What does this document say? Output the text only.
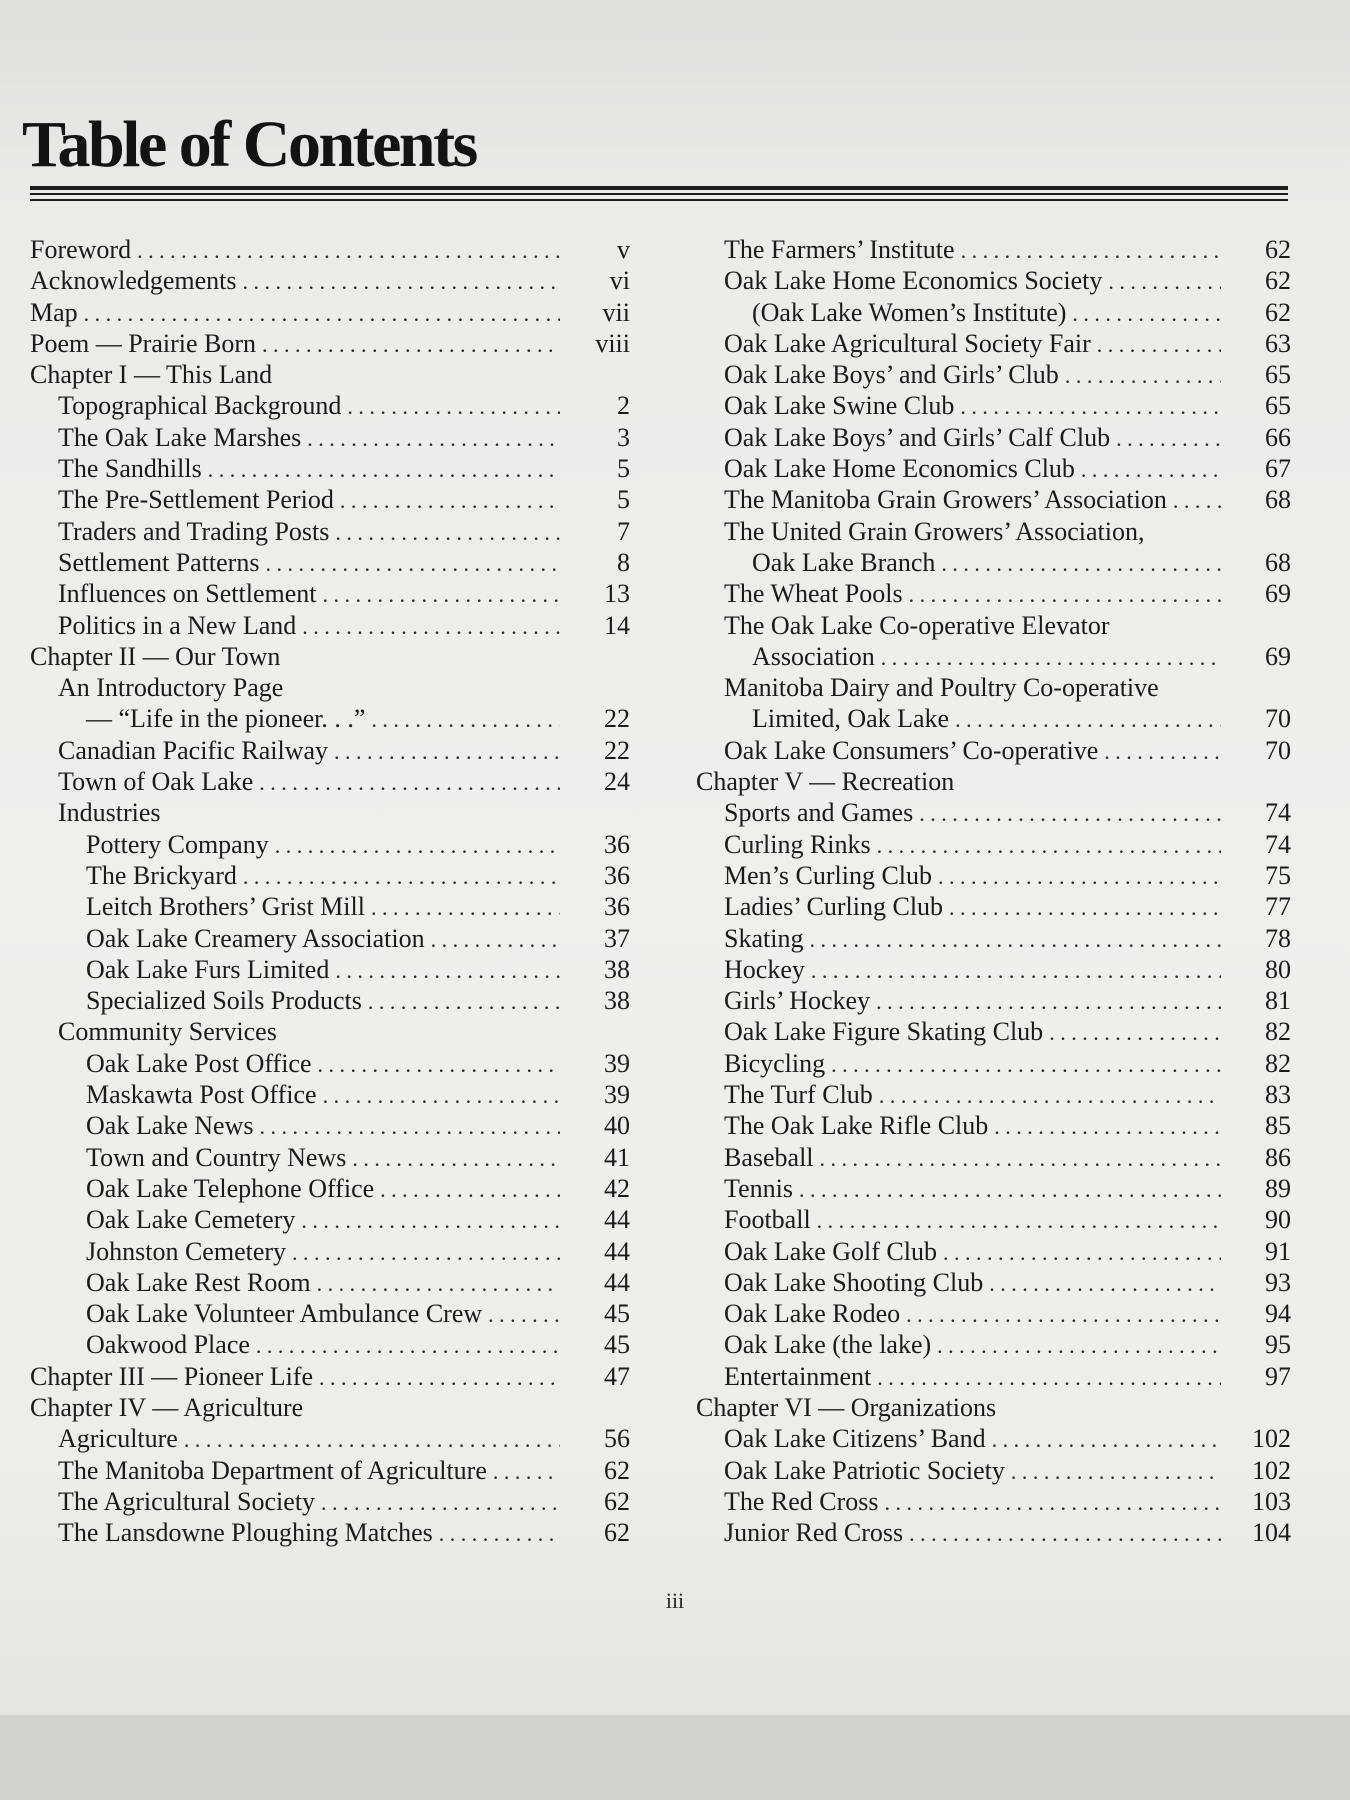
Table of Contents
Foreword . . .	v
Acknowledgements . . .	vi
Map . . .	vii
Poem — Prairie Born . . .	viii
Chapter I — This Land
Topographical Background . . .	2
The Oak Lake Marshes . . .	3
The Sandhills . . .	5
The Pre-Settlement Period . . .	5
Traders and Trading Posts . . .	7
Settlement Patterns . . .	8
Influences on Settlement . . .	13
Politics in a New Land . . .	14
Chapter II — Our Town
An Introductory Page
— “Life in the pioneer. . .” . . .	22
Canadian Pacific Railway . . .	22
Town of Oak Lake . . .	24
Industries
Pottery Company . . .	36
The Brickyard . . .	36
Leitch Brothers’ Grist Mill . . .	36
Oak Lake Creamery Association . . .	37
Oak Lake Furs Limited . . .	38
Specialized Soils Products . . .	38
Community Services
Oak Lake Post Office . . .	39
Maskawta Post Office . . .	39
Oak Lake News . . .	40
Town and Country News . . .	41
Oak Lake Telephone Office . . .	42
Oak Lake Cemetery . . .	44
Johnston Cemetery . . .	44
Oak Lake Rest Room . . .	44
Oak Lake Volunteer Ambulance Crew . . .	45
Oakwood Place . . .	45
Chapter III — Pioneer Life . . .	47
Chapter IV — Agriculture
Agriculture . . .	56
The Manitoba Department of Agriculture . . .	62
The Agricultural Society . . .	62
The Lansdowne Ploughing Matches . . .	62
The Farmers’ Institute . . .	62
Oak Lake Home Economics Society . . .	62
(Oak Lake Women’s Institute) . . .	62
Oak Lake Agricultural Society Fair . . .	63
Oak Lake Boys’ and Girls’ Club . . .	65
Oak Lake Swine Club . . .	65
Oak Lake Boys’ and Girls’ Calf Club . . .	66
Oak Lake Home Economics Club . . .	67
The Manitoba Grain Growers’ Association . . .	68
The United Grain Growers’ Association,
Oak Lake Branch . . .	68
The Wheat Pools . . .	69
The Oak Lake Co-operative Elevator
Association . . .	69
Manitoba Dairy and Poultry Co-operative
Limited, Oak Lake . . .	70
Oak Lake Consumers’ Co-operative . . .	70
Chapter V — Recreation
Sports and Games . . .	74
Curling Rinks . . .	74
Men’s Curling Club . . .	75
Ladies’ Curling Club . . .	77
Skating . . .	78
Hockey . . .	80
Girls’ Hockey . . .	81
Oak Lake Figure Skating Club . . .	82
Bicycling . . .	82
The Turf Club . . .	83
The Oak Lake Rifle Club . . .	85
Baseball . . .	86
Tennis . . .	89
Football . . .	90
Oak Lake Golf Club . . .	91
Oak Lake Shooting Club . . .	93
Oak Lake Rodeo . . .	94
Oak Lake (the lake) . . .	95
Entertainment . . .	97
Chapter VI — Organizations
Oak Lake Citizens’ Band . . .	102
Oak Lake Patriotic Society . . .	102
The Red Cross . . .	103
Junior Red Cross . . .	104
iii
